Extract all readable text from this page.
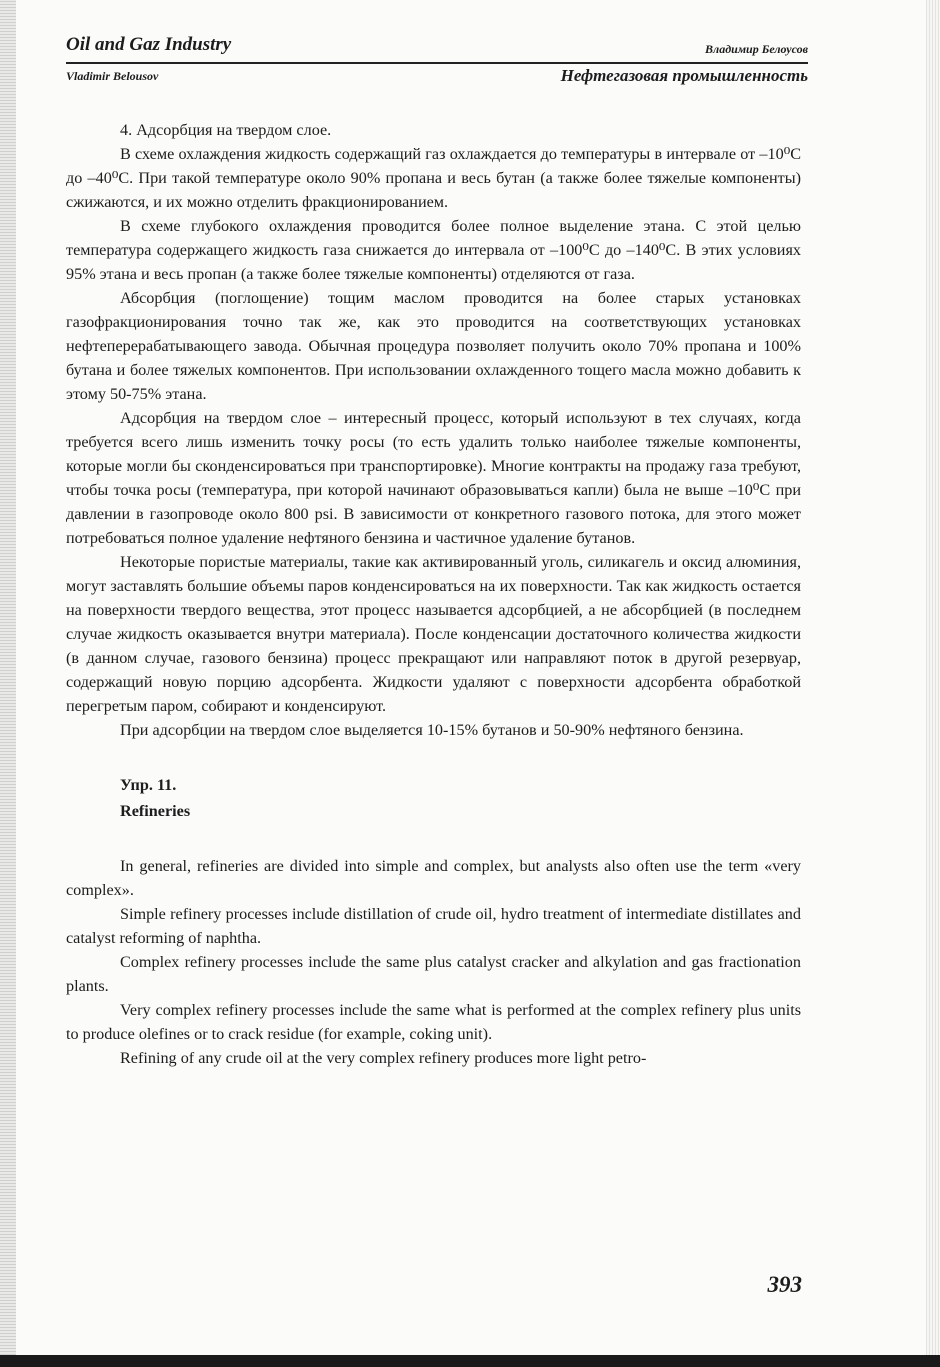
Oil and Gaz Industry	Владимир Белоусов
Vladimir Belousov	Нефтегазовая промышленность

4. Адсорбция на твердом слое.

В схеме охлаждения жидкость содержащий газ охлаждается до температуры в интервале от –10⁰С до –40⁰С. При такой температуре около 90% пропана и весь бутан (а также более тяжелые компоненты) сжижаются, и их можно отделить фракционированием.

В схеме глубокого охлаждения проводится более полное выделение этана. С этой целью температура содержащего жидкость газа снижается до интервала от –100⁰С до –140⁰С. В этих условиях 95% этана и весь пропан (а также более тяжелые компоненты) отделяются от газа.

Абсорбция (поглощение) тощим маслом проводится на более старых установках газофракционирования точно так же, как это проводится на соответствующих установках нефтеперерабатывающего завода. Обычная процедура позволяет получить около 70% пропана и 100% бутана и более тяжелых компонентов. При использовании охлажденного тощего масла можно добавить к этому 50-75% этана.

Адсорбция на твердом слое – интересный процесс, который используют в тех случаях, когда требуется всего лишь изменить точку росы (то есть удалить только наиболее тяжелые компоненты, которые могли бы сконденсироваться при транспортировке). Многие контракты на продажу газа требуют, чтобы точка росы (температура, при которой начинают образовываться капли) была не выше –10⁰С при давлении в газопроводе около 800 psi. В зависимости от конкретного газового потока, для этого может потребоваться полное удаление нефтяного бензина и частичное удаление бутанов.

Некоторые пористые материалы, такие как активированный уголь, силикагель и оксид алюминия, могут заставлять большие объемы паров конденсироваться на их поверхности. Так как жидкость остается на поверхности твердого вещества, этот процесс называется адсорбцией, а не абсорбцией (в последнем случае жидкость оказывается внутри материала). После конденсации достаточного количества жидкости (в данном случае, газового бензина) процесс прекращают или направляют поток в другой резервуар, содержащий новую порцию адсорбента. Жидкости удаляют с поверхности адсорбента обработкой перегретым паром, собирают и конденсируют.

При адсорбции на твердом слое выделяется 10-15% бутанов и 50-90% нефтяного бензина.

Упр. 11.
Refineries

In general, refineries are divided into simple and complex, but analysts also often use the term «very complex».

Simple refinery processes include distillation of crude oil, hydro treatment of intermediate distillates and catalyst reforming of naphtha.

Complex refinery processes include the same plus catalyst cracker and alkylation and gas fractionation plants.

Very complex refinery processes include the same what is performed at the complex refinery plus units to produce olefines or to crack residue (for example, coking unit).

Refining of any crude oil at the very complex refinery produces more light petro-

393
